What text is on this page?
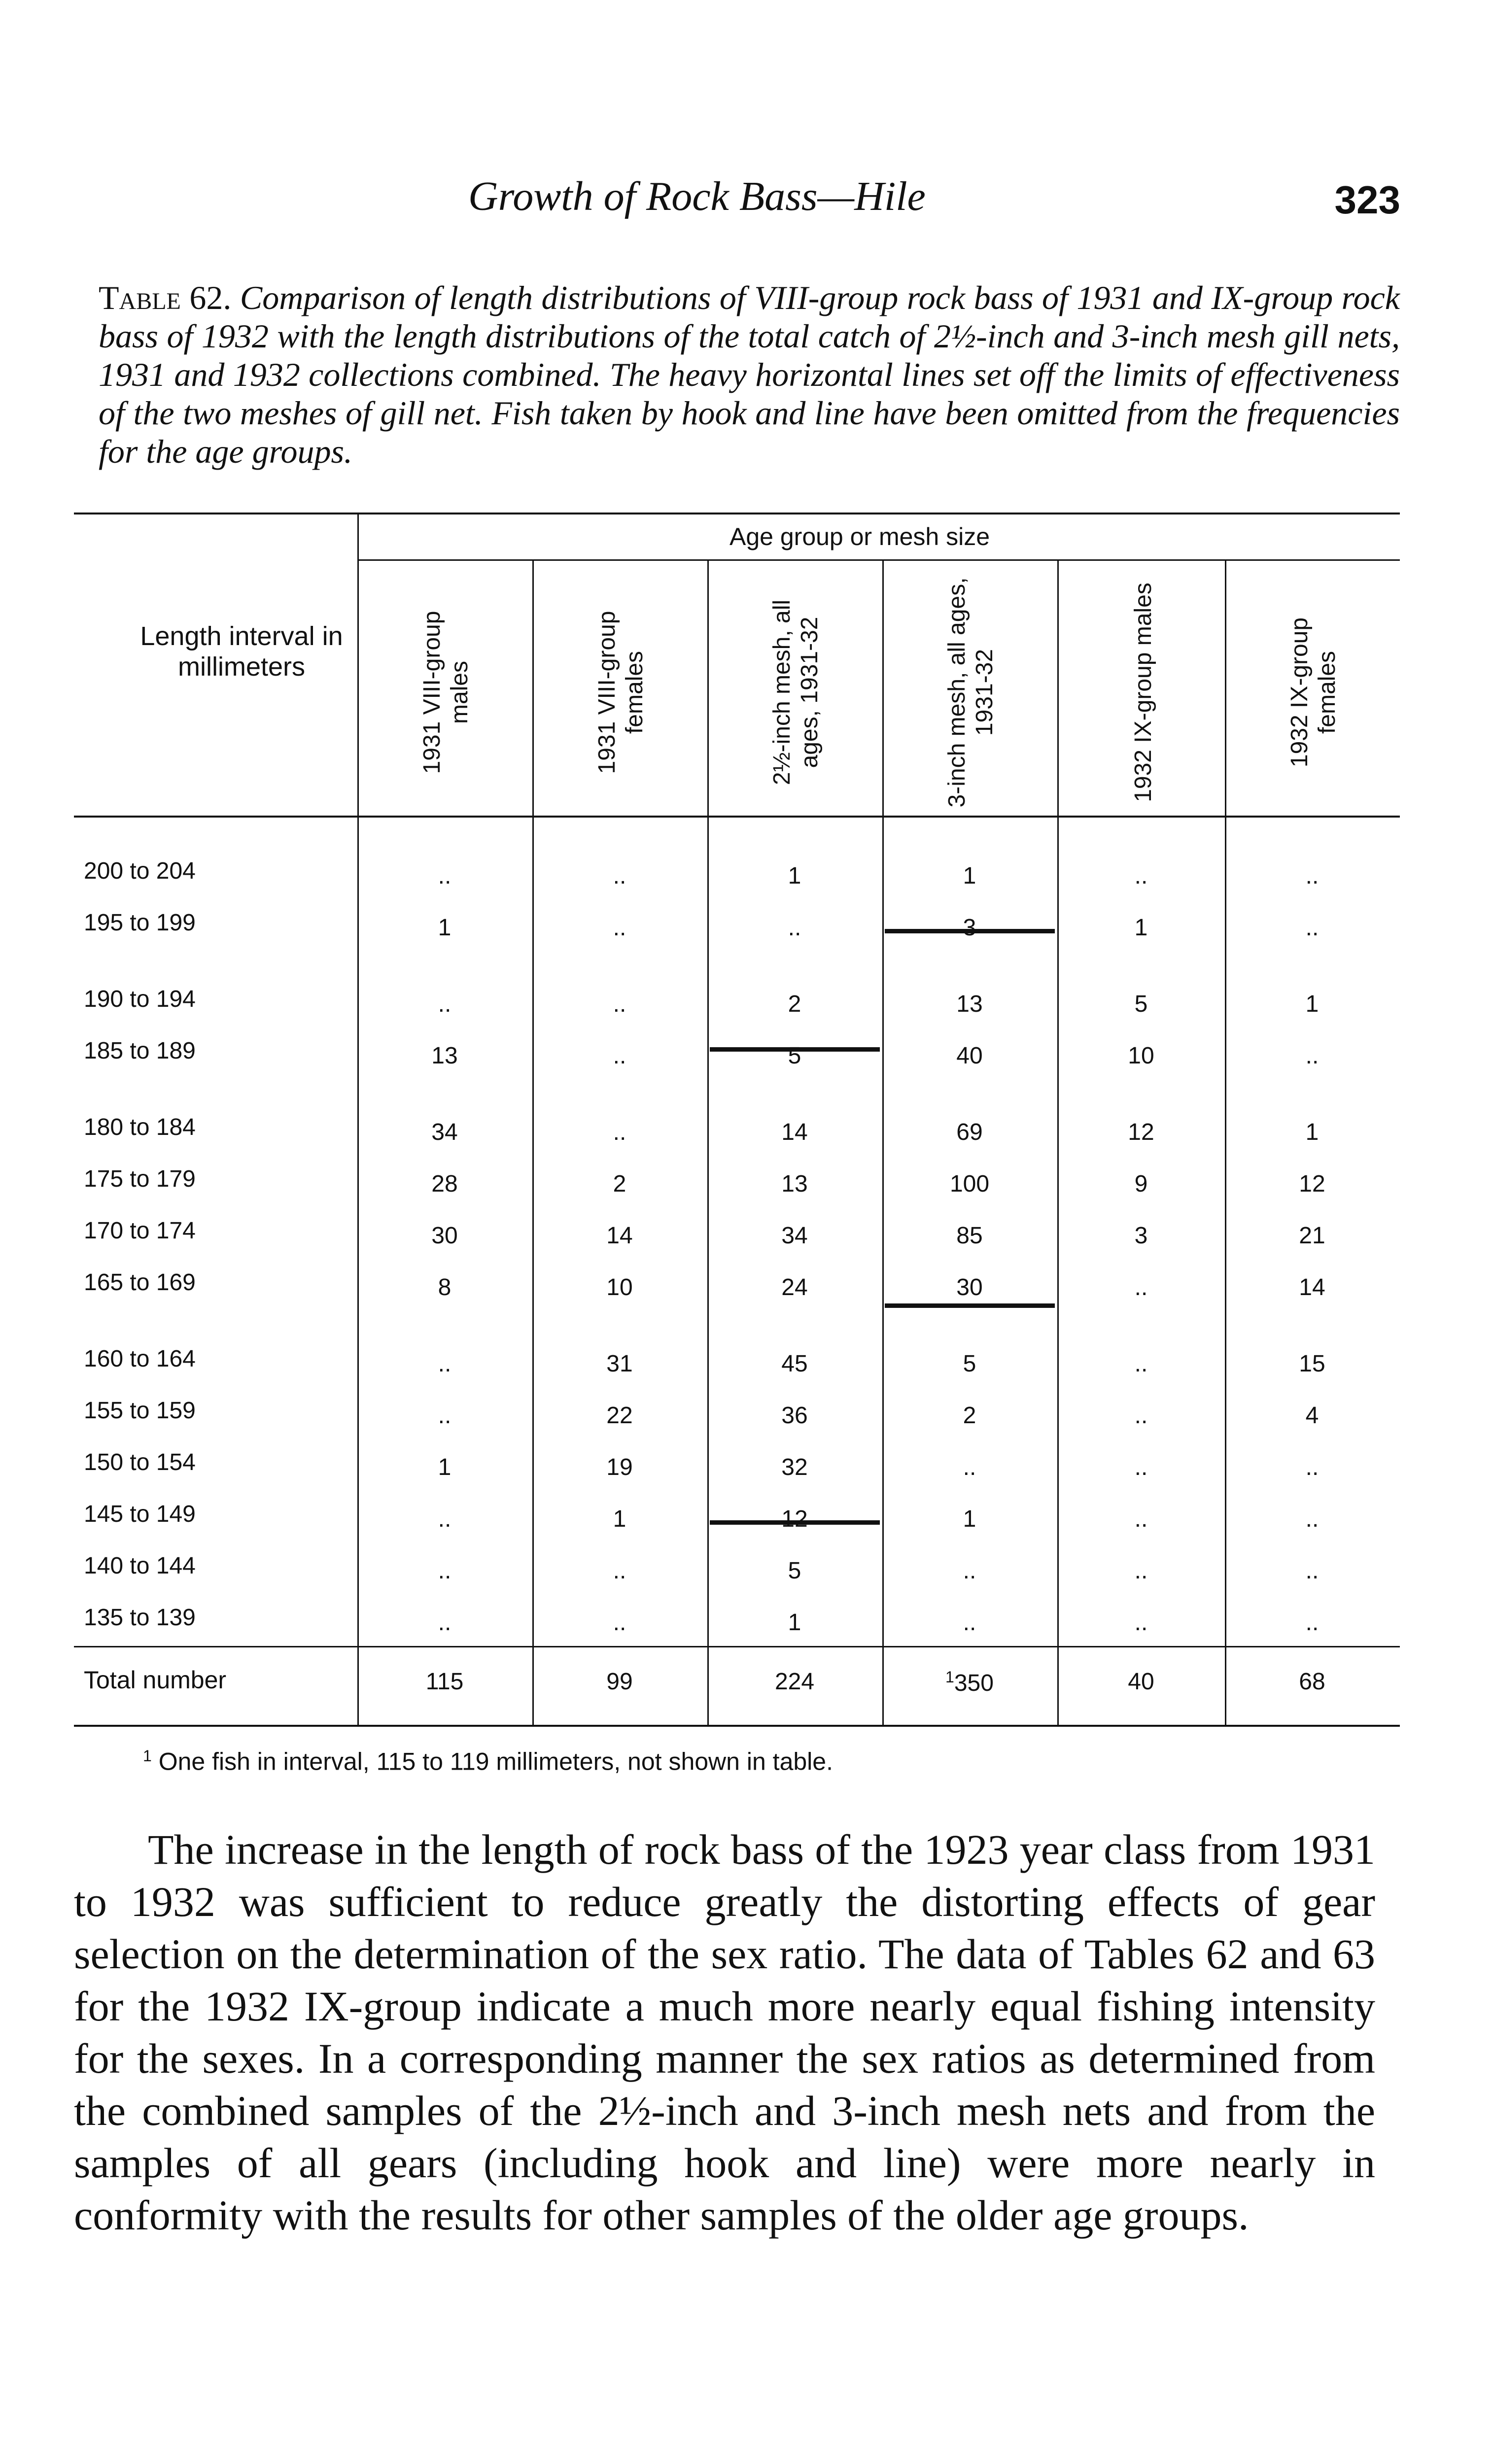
Growth of Rock Bass—Hile	323
Table 62. Comparison of length distributions of VIII-group rock bass of 1931 and IX-group rock bass of 1932 with the length distributions of the total catch of 2½-inch and 3-inch mesh gill nets, 1931 and 1932 collections combined. The heavy horizontal lines set off the limits of effectiveness of the two meshes of gill net. Fish taken by hook and line have been omitted from the frequencies for the age groups.
Age group or mesh size
Length interval in millimeters	1931 VIII-group males	1931 VIII-group females	2½-inch mesh, all ages, 1931-32	3-inch mesh, all ages, 1931-32	1932 IX-group males	1932 IX-group females
200 to 204	..	..	1	1	..	..
195 to 199	1	..	..	3	1	..
190 to 194	..	..	2	13	5	1
185 to 189	13	..	5	40	10	..
180 to 184	34	..	14	69	12	1
175 to 179	28	2	13	100	9	12
170 to 174	30	14	34	85	3	21
165 to 169	8	10	24	30	..	14
160 to 164	..	31	45	5	..	15
155 to 159	..	22	36	2	..	4
150 to 154	1	19	32	..	..	..
145 to 149	..	1	12	1	..	..
140 to 144	..	..	5	..	..	..
135 to 139	..	..	1	..	..	..
Total number	115	99	224	$^1$350	40	68
$^1$ One fish in interval, 115 to 119 millimeters, not shown in table.
The increase in the length of rock bass of the 1923 year class from 1931 to 1932 was sufficient to reduce greatly the distorting effects of gear selection on the determination of the sex ratio. The data of Tables 62 and 63 for the 1932 IX-group indicate a much more nearly equal fishing intensity for the sexes. In a corresponding manner the sex ratios as determined from the combined samples of the 2½-inch and 3-inch mesh nets and from the samples of all gears (including hook and line) were more nearly in conformity with the results for other samples of the older age groups.
